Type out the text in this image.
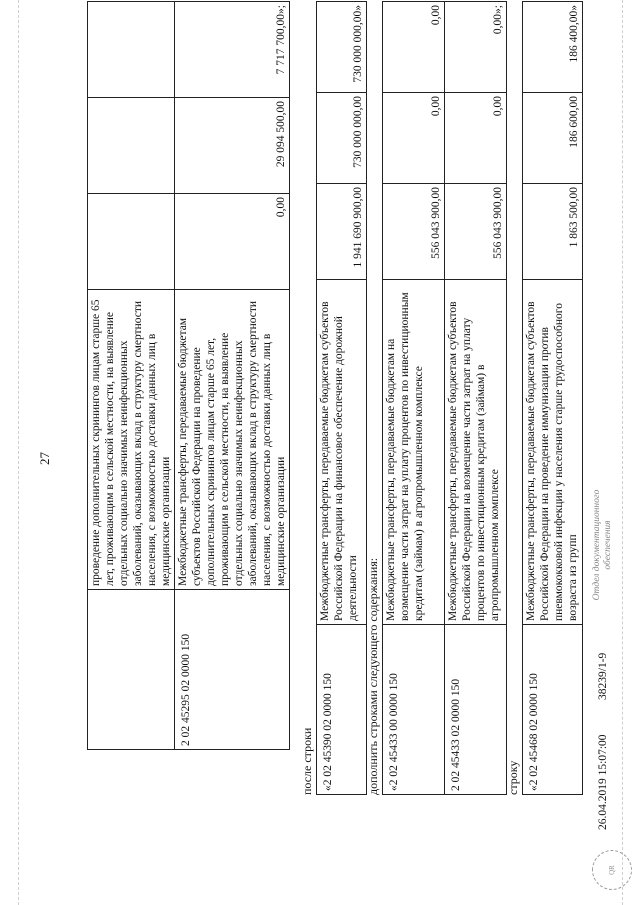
27
		проведение дополнительных скринингов лицам старше 65 лет, проживающим в сельской местности, на выявление отдельных социально значимых неинфекционных заболеваний, оказывающих вклад в структуру смертности населения, с возможностью доставки данных лиц в медицинские организации			
2 02 45295 02 0000 150	Межбюджетные трансферты, передаваемые бюджетам субъектов Российской Федерации на проведение дополнительных скринингов лицам старше 65 лет, проживающим в сельской местности, на выявление отдельных социально значимых неинфекционных заболеваний, оказывающих вклад в структуру смертности населения, с возможностью доставки данных лиц в медицинские организации	0,00	29 094 500,00	7 717 700,00»;
после строки «2 02 45390 02 0000 150	Межбюджетные трансферты, передаваемые бюджетам субъектов Российской Федерации на финансовое обеспечение дорожной деятельности	1 941 690 900,00	730 000 000,00	730 000 000,00»
дополнить строками следующего содержания: «2 02 45433 00 0000 150	Межбюджетные трансферты, передаваемые бюджетам на возмещение части затрат на уплату процентов по инвестиционным кредитам (займам) в агропромышленном комплексе	556 043 900,00	0,00	0,00
2 02 45433 02 0000 150	Межбюджетные трансферты, передаваемые бюджетам субъектов Российской Федерации на возмещение части затрат на уплату процентов по инвестиционным кредитам (займам) в агропромышленном комплексе	556 043 900,00	0,00	0,00»;
строку «2 02 45468 02 0000 150	Межбюджетные трансферты, передаваемые бюджетам субъектов Российской Федерации на проведение иммунизации против пневмококковой инфекции у населения старше трудоспособного возраста из групп	1 863 500,00	186 600,00	186 400,00»
QR
26.04.2019 15:07:00
38239/1-9
Отдел документационного обеспечения
